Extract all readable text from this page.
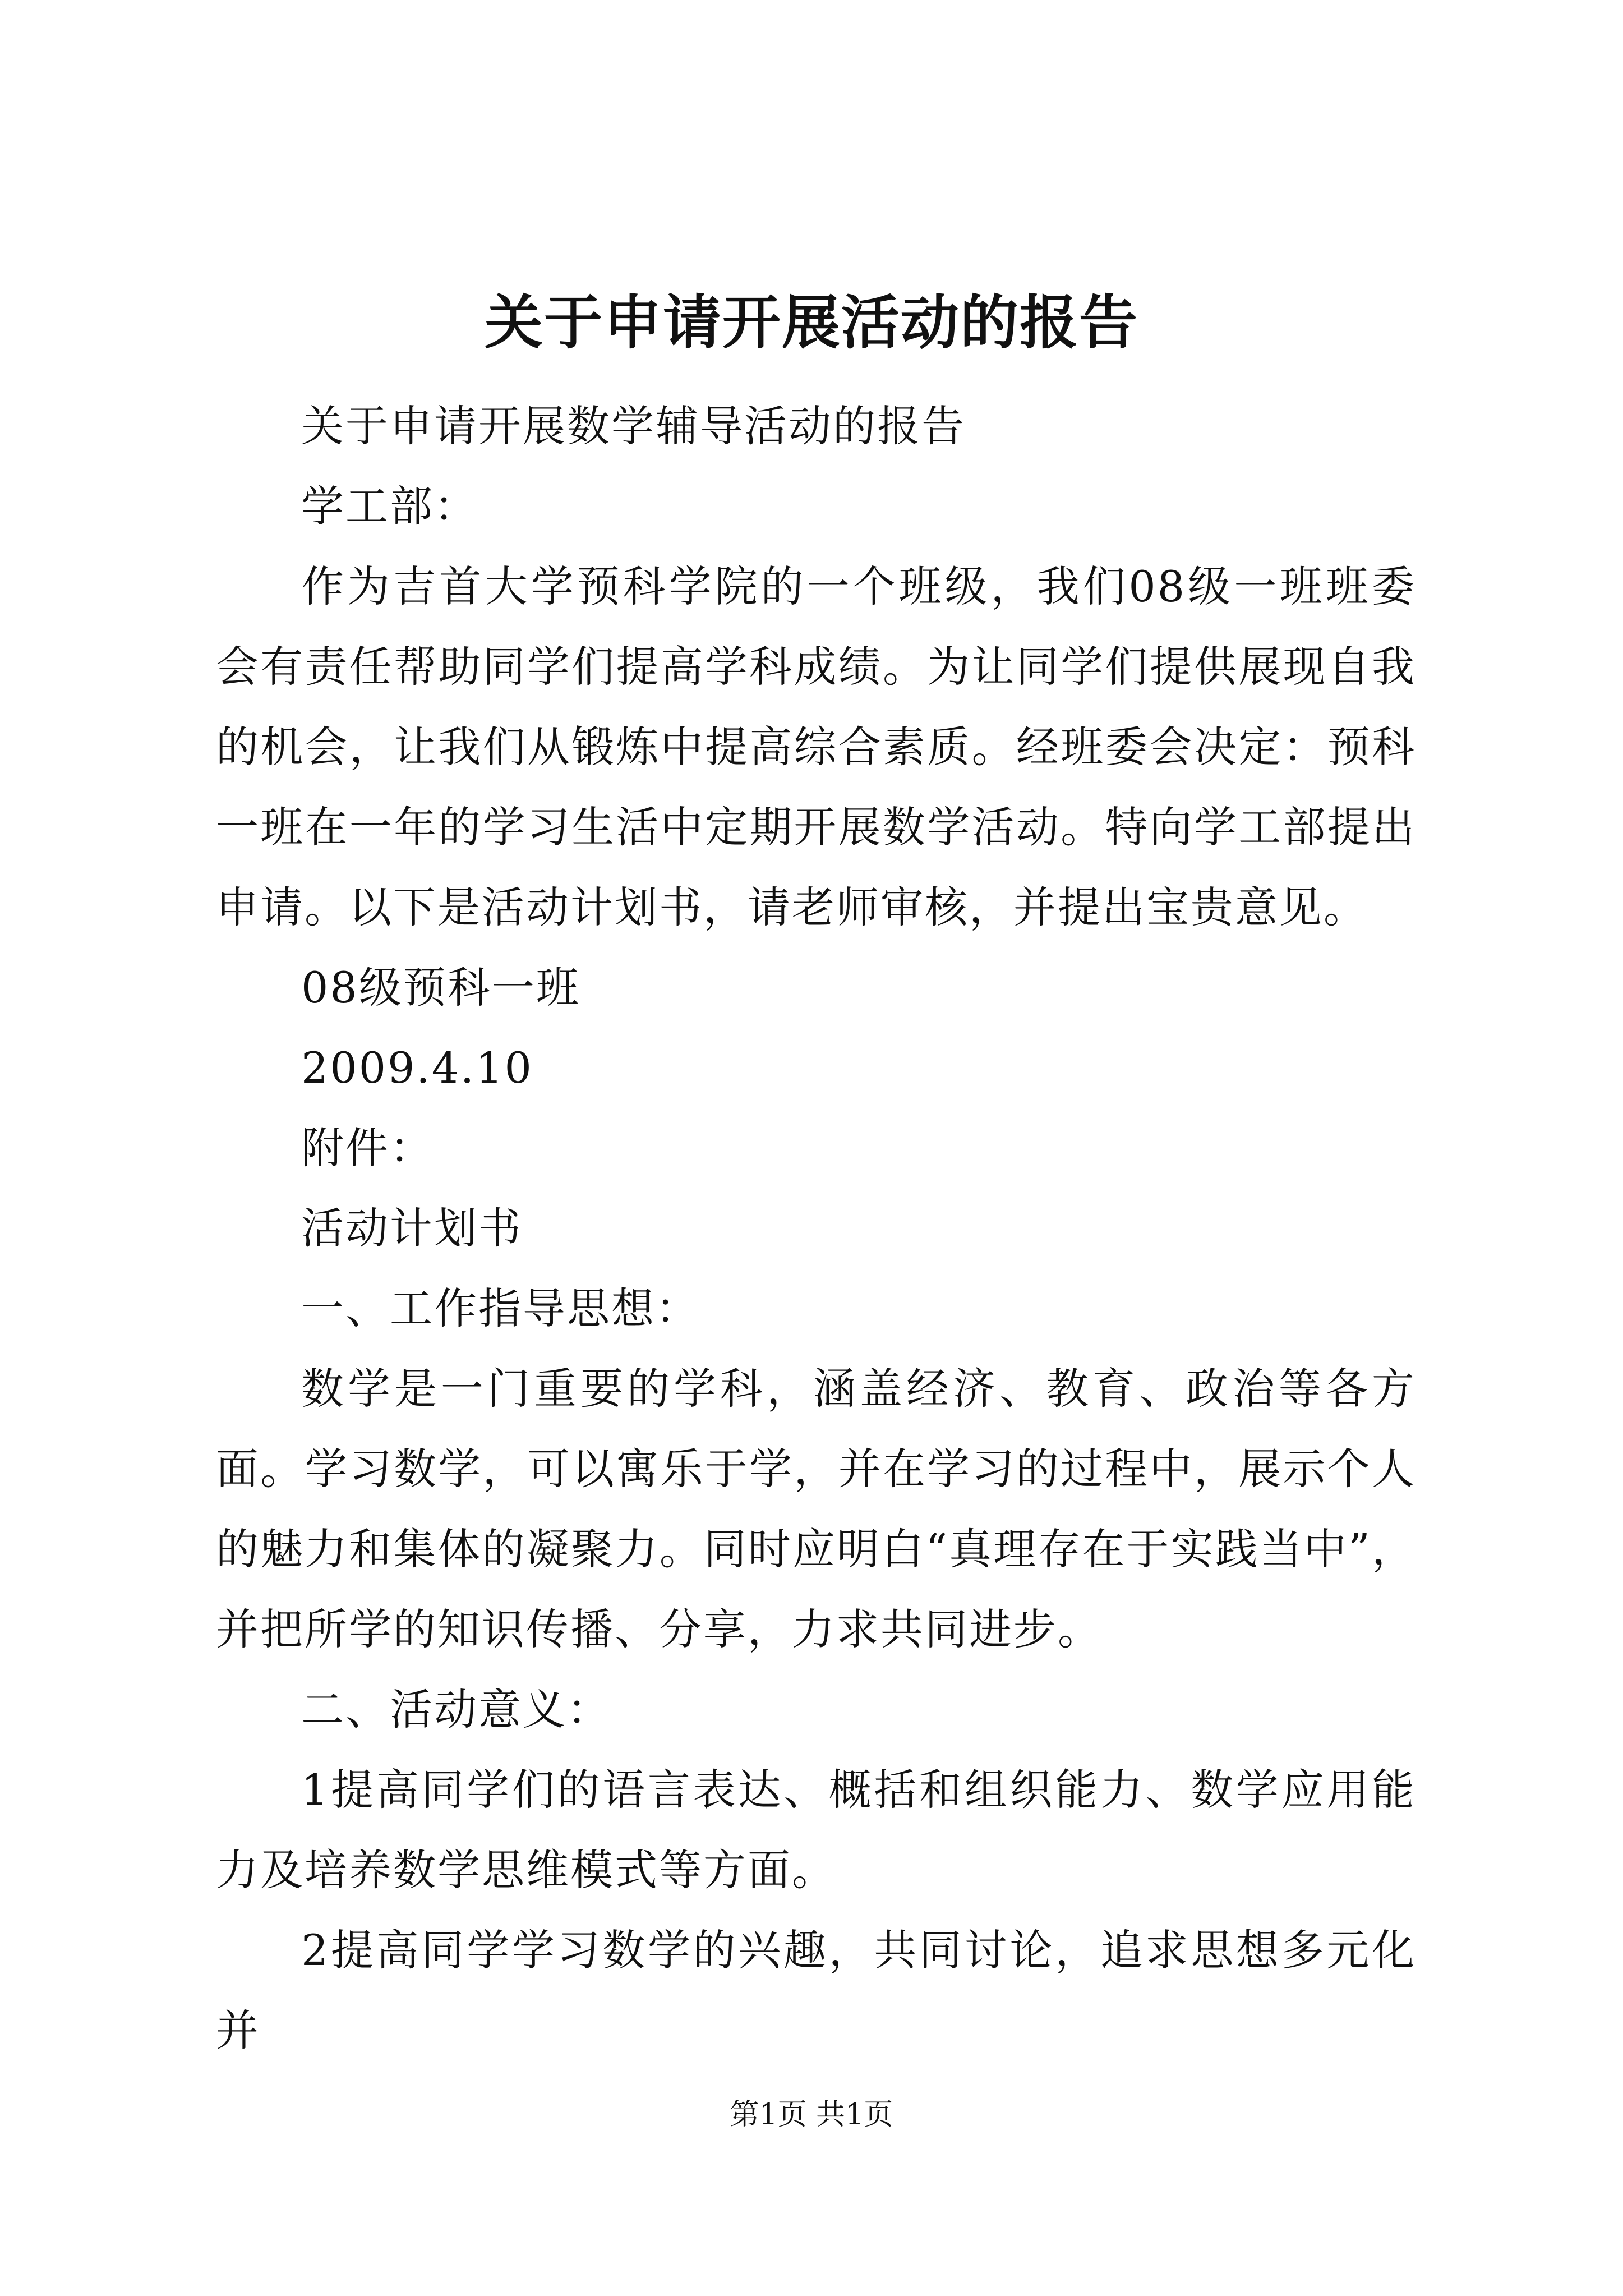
关于申请开展活动的报告

关于申请开展数学辅导活动的报告

学工部：

作为吉首大学预科学院的一个班级，我们08级一班班委会有责任帮助同学们提高学科成绩。为让同学们提供展现自我的机会，让我们从锻炼中提高综合素质。经班委会决定：预科一班在一年的学习生活中定期开展数学活动。特向学工部提出申请。以下是活动计划书，请老师审核，并提出宝贵意见。

08级预科一班

2009.4.10

附件：

活动计划书

一、工作指导思想：

数学是一门重要的学科，涵盖经济、教育、政治等各方面。学习数学，可以寓乐于学，并在学习的过程中，展示个人的魅力和集体的凝聚力。同时应明白“真理存在于实践当中”，并把所学的知识传播、分享，力求共同进步。

二、活动意义：

1提高同学们的语言表达、概括和组织能力、数学应用能力及培养数学思维模式等方面。

2提高同学学习数学的兴趣，共同讨论，追求思想多元化并

第1页 共1页
